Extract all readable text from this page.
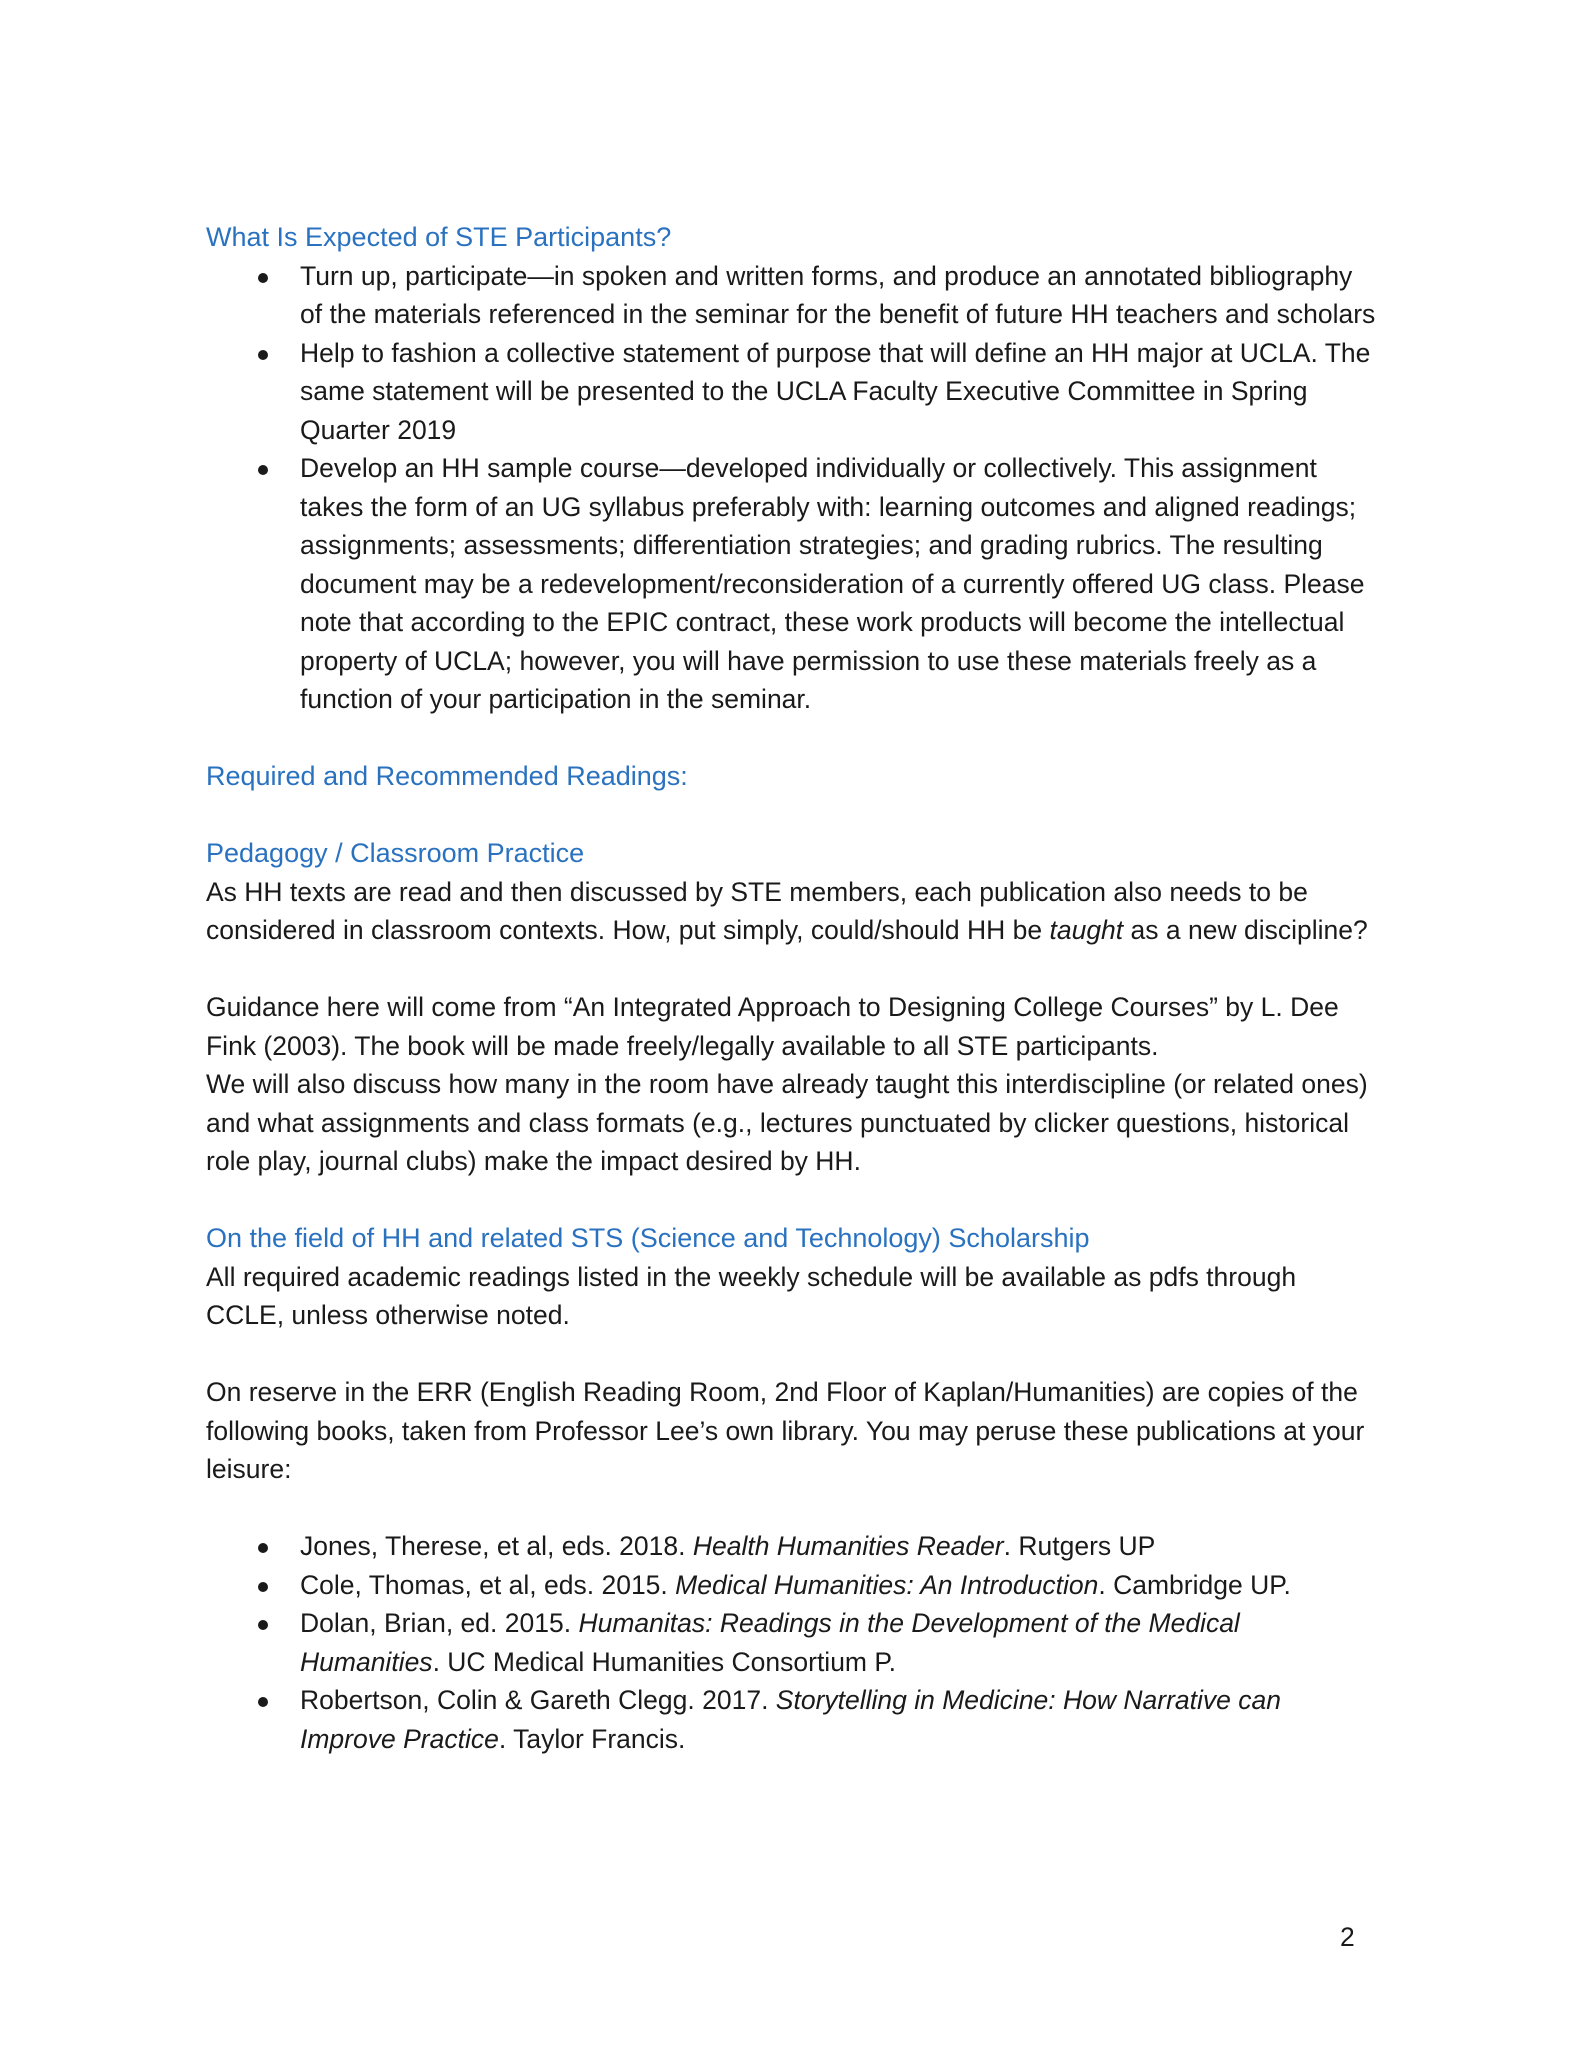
What Is Expected of STE Participants?
Turn up, participate—in spoken and written forms, and produce an annotated bibliography of the materials referenced in the seminar for the benefit of future HH teachers and scholars
Help to fashion a collective statement of purpose that will define an HH major at UCLA. The same statement will be presented to the UCLA Faculty Executive Committee in Spring Quarter 2019
Develop an HH sample course—developed individually or collectively. This assignment takes the form of an UG syllabus preferably with: learning outcomes and aligned readings; assignments; assessments; differentiation strategies; and grading rubrics. The resulting document may be a redevelopment/reconsideration of a currently offered UG class. Please note that according to the EPIC contract, these work products will become the intellectual property of UCLA; however, you will have permission to use these materials freely as a function of your participation in the seminar.
Required and Recommended Readings:
Pedagogy / Classroom Practice

As HH texts are read and then discussed by STE members, each publication also needs to be considered in classroom contexts. How, put simply, could/should HH be taught as a new discipline?

Guidance here will come from “An Integrated Approach to Designing College Courses” by L. Dee Fink (2003). The book will be made freely/legally available to all STE participants.

We will also discuss how many in the room have already taught this interdiscipline (or related ones) and what assignments and class formats (e.g., lectures punctuated by clicker questions, historical role play, journal clubs) make the impact desired by HH.

On the field of HH and related STS (Science and Technology) Scholarship

All required academic readings listed in the weekly schedule will be available as pdfs through CCLE, unless otherwise noted.

On reserve in the ERR (English Reading Room, 2nd Floor of Kaplan/Humanities) are copies of the following books, taken from Professor Lee’s own library. You may peruse these publications at your leisure:

Jones, Therese, et al, eds. 2018. Health Humanities Reader. Rutgers UP
Cole, Thomas, et al, eds. 2015. Medical Humanities: An Introduction. Cambridge UP.
Dolan, Brian, ed. 2015. Humanitas: Readings in the Development of the Medical Humanities. UC Medical Humanities Consortium P.
Robertson, Colin & Gareth Clegg. 2017. Storytelling in Medicine: How Narrative can Improve Practice. Taylor Francis.
2
